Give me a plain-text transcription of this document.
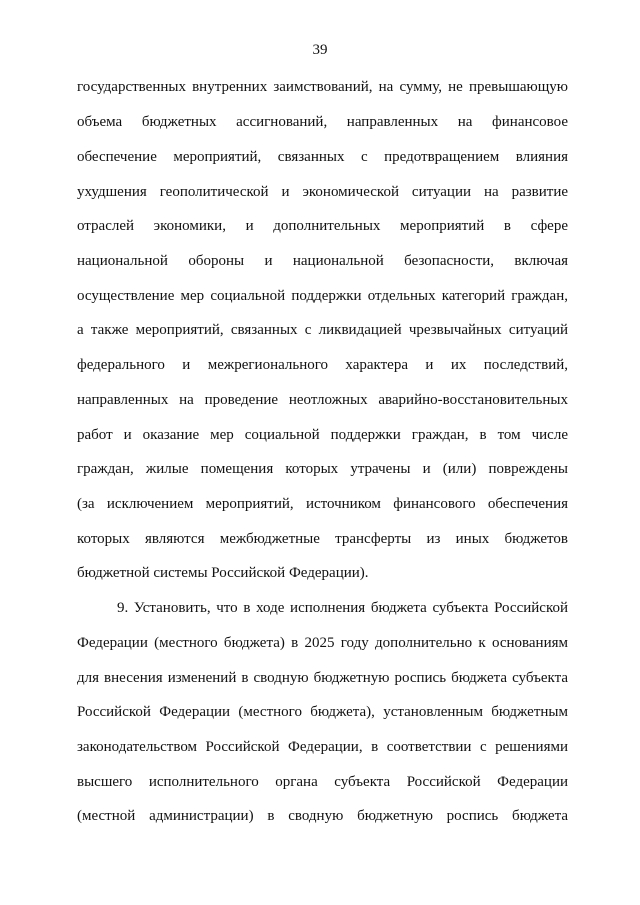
39
государственных внутренних заимствований, на сумму, не превышающую
объема бюджетных ассигнований, направленных на финансовое
обеспечение мероприятий, связанных с предотвращением влияния
ухудшения геополитической и экономической ситуации на развитие
отраслей экономики, и дополнительных мероприятий в сфере
национальной обороны и национальной безопасности, включая
осуществление мер социальной поддержки отдельных категорий граждан,
а также мероприятий, связанных с ликвидацией чрезвычайных ситуаций
федерального и межрегионального характера и их последствий,
направленных на проведение неотложных аварийно-восстановительных
работ и оказание мер социальной поддержки граждан, в том числе
граждан, жилые помещения которых утрачены и (или) повреждены
(за исключением мероприятий, источником финансового обеспечения
которых являются межбюджетные трансферты из иных бюджетов
бюджетной системы Российской Федерации).
9. Установить, что в ходе исполнения бюджета субъекта Российской
Федерации (местного бюджета) в 2025 году дополнительно к основаниям
для внесения изменений в сводную бюджетную роспись бюджета субъекта
Российской Федерации (местного бюджета), установленным бюджетным
законодательством Российской Федерации, в соответствии с решениями
высшего исполнительного органа субъекта Российской Федерации
(местной администрации) в сводную бюджетную роспись бюджета
